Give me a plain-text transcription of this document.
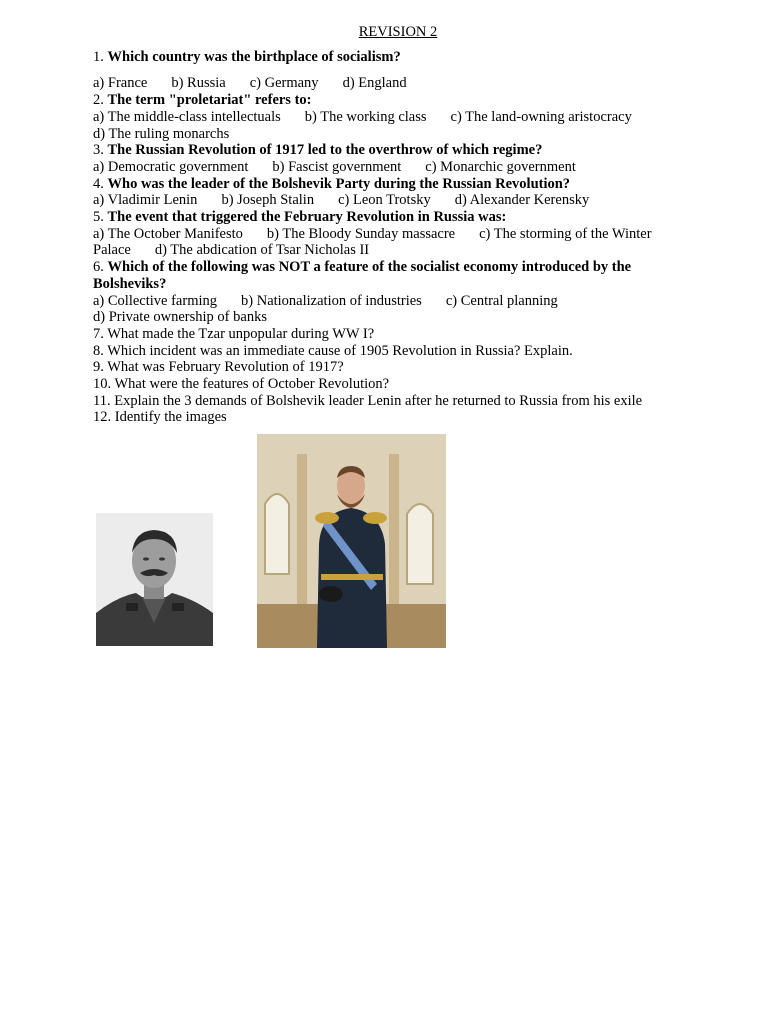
REVISION 2
1. Which country was the birthplace of socialism?
a) France b) Russia c) Germany d) England
2. The term "proletariat" refers to:
a) The middle-class intellectuals b) The working class c) The land-owning aristocracy
d) The ruling monarchs
3. The Russian Revolution of 1917 led to the overthrow of which regime?
a) Democratic government b) Fascist government c) Monarchic government
4. Who was the leader of the Bolshevik Party during the Russian Revolution?
a) Vladimir Lenin b) Joseph Stalin c) Leon Trotsky d) Alexander Kerensky
5. The event that triggered the February Revolution in Russia was:
a) The October Manifesto b) The Bloody Sunday massacre c) The storming of the Winter
Palace d) The abdication of Tsar Nicholas II
6. Which of the following was NOT a feature of the socialist economy introduced by the Bolsheviks?
a) Collective farming b) Nationalization of industries c) Central planning
d) Private ownership of banks
7. What made the Tzar unpopular during WW I?
8. Which incident was an immediate cause of 1905 Revolution in Russia? Explain.
9. What was February Revolution of 1917?
10. What were the features of October Revolution?
11. Explain the 3 demands of Bolshevik leader Lenin after he returned to Russia from his exile
12. Identify the images
